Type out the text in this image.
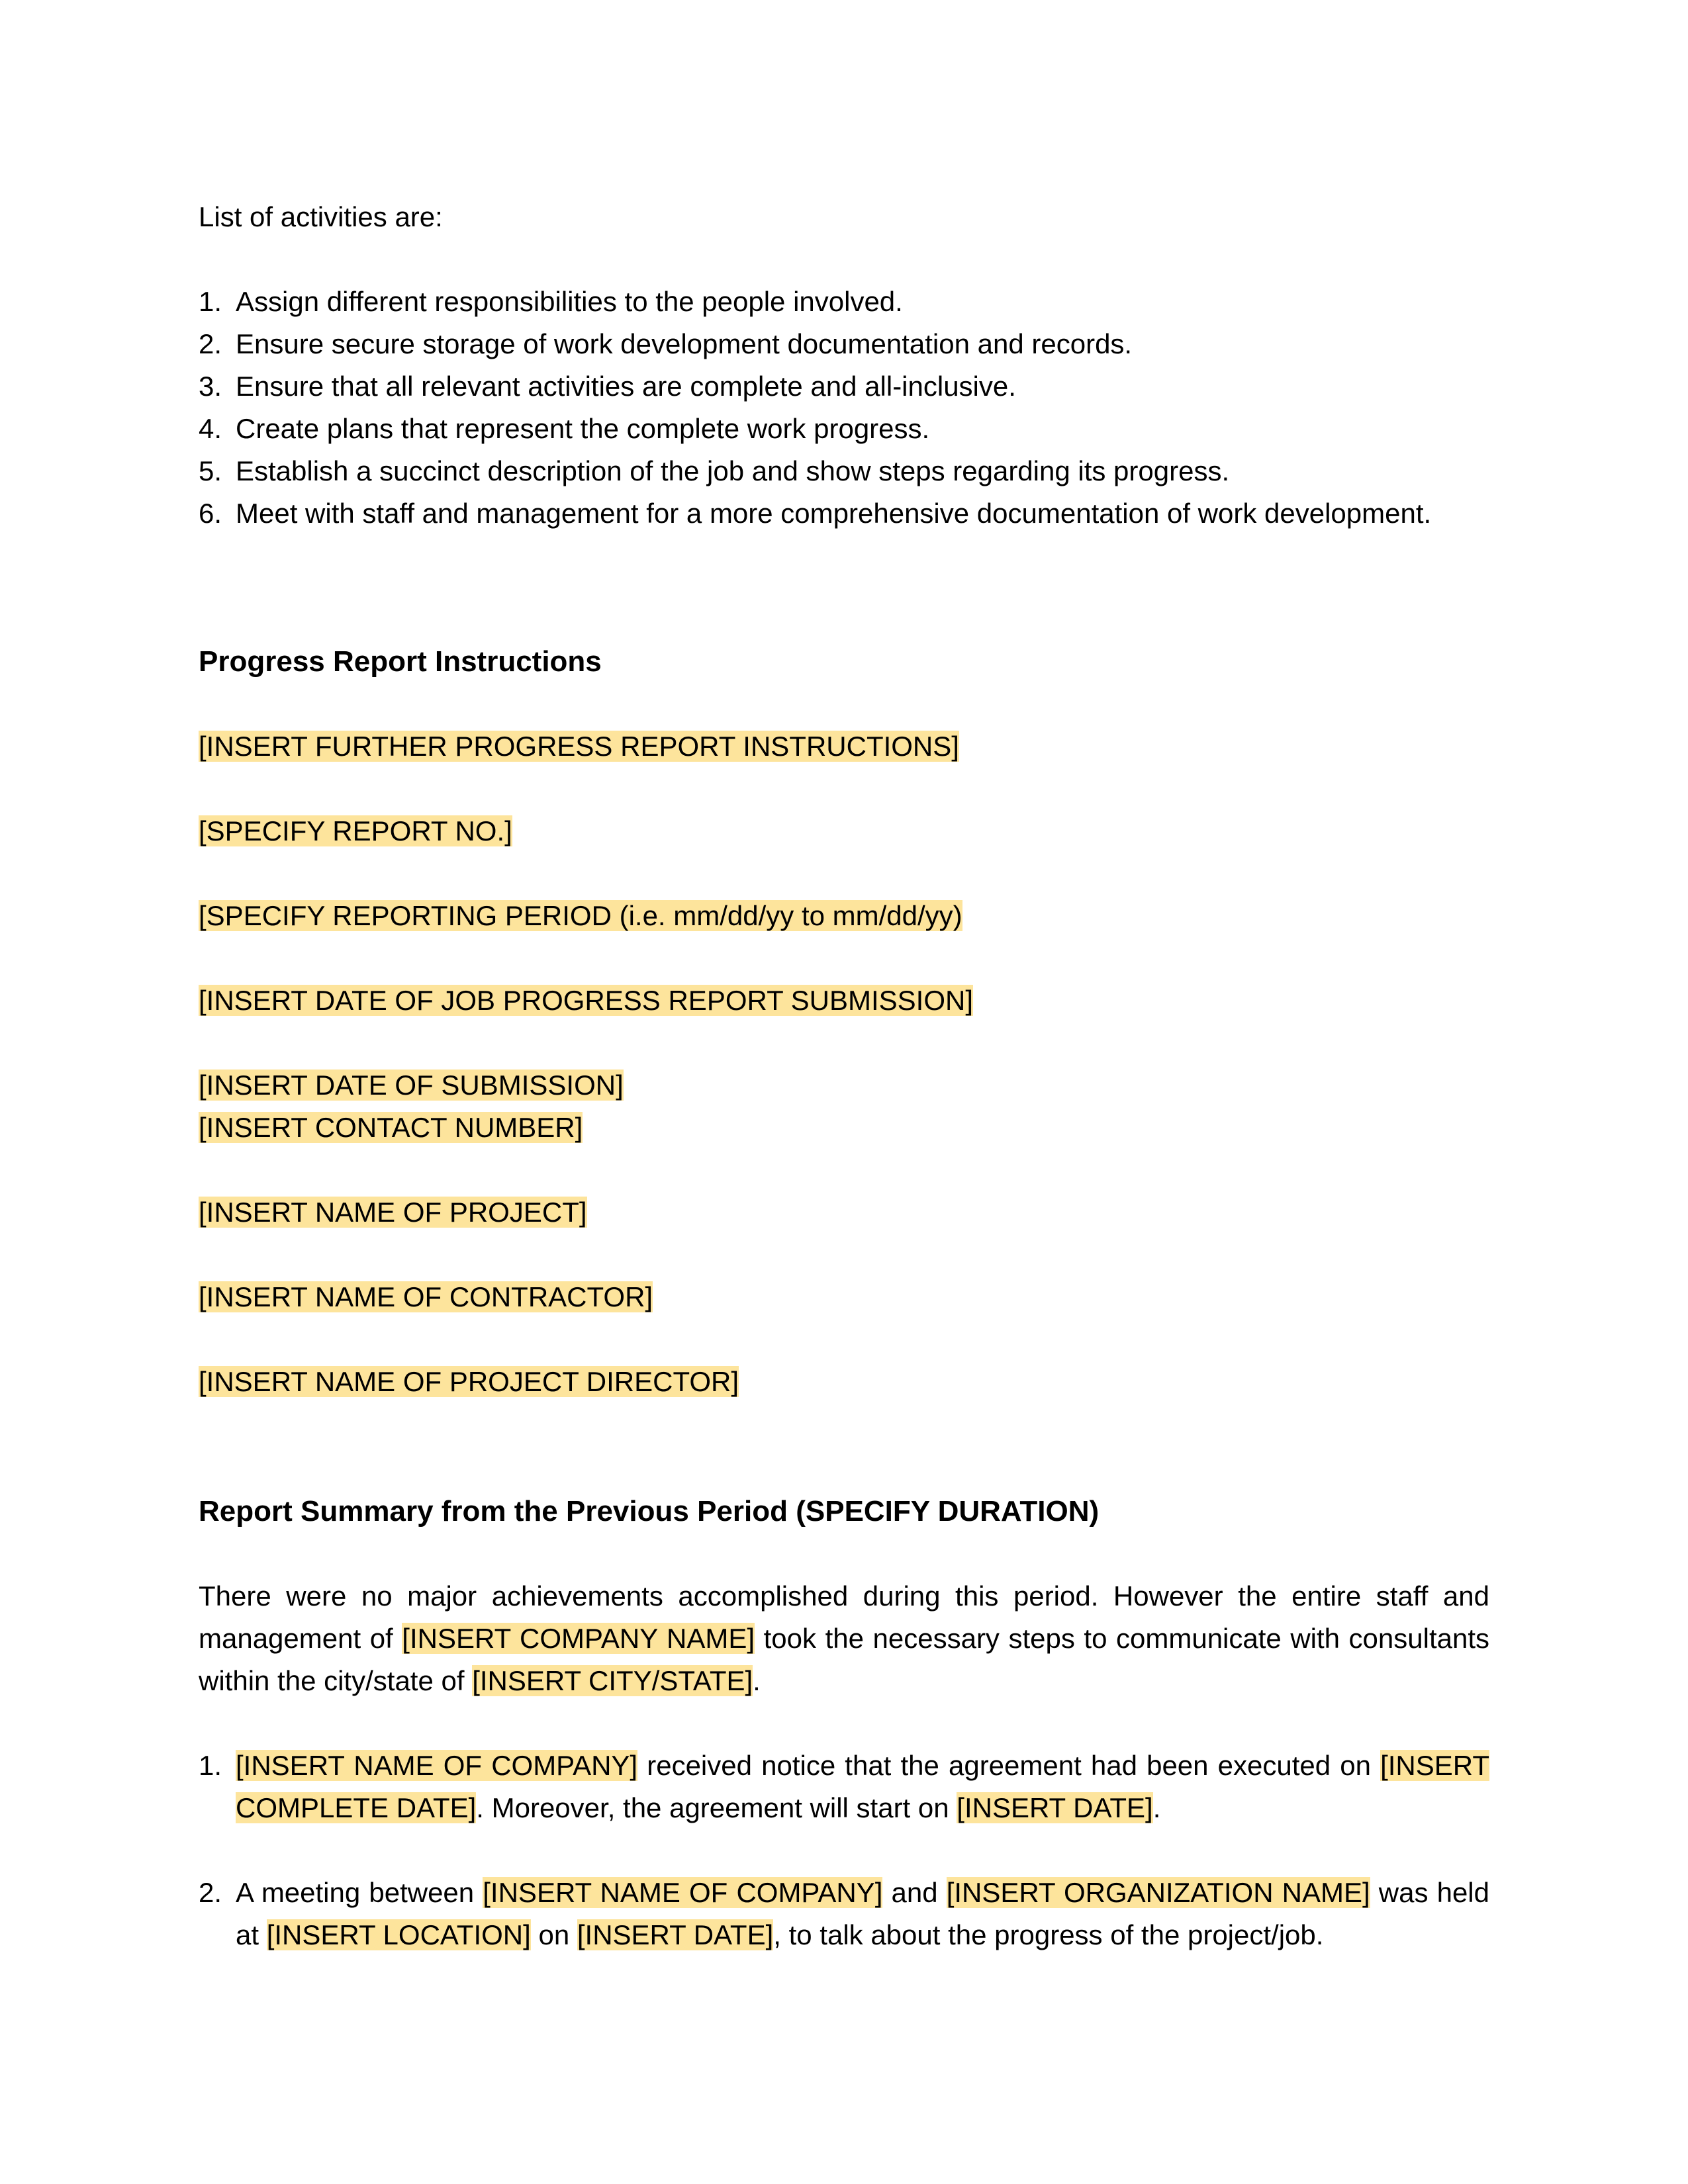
List of activities are:

1. Assign different responsibilities to the people involved.
2. Ensure secure storage of work development documentation and records.
3. Ensure that all relevant activities are complete and all-inclusive.
4. Create plans that represent the complete work progress.
5. Establish a succinct description of the job and show steps regarding its progress.
6. Meet with staff and management for a more comprehensive documentation of work development.
Progress Report Instructions

[INSERT FURTHER PROGRESS REPORT INSTRUCTIONS]

[SPECIFY REPORT NO.]

[SPECIFY REPORTING PERIOD (i.e. mm/dd/yy to mm/dd/yy)

[INSERT DATE OF JOB PROGRESS REPORT SUBMISSION]

[INSERT DATE OF SUBMISSION]

[INSERT CONTACT NUMBER]

[INSERT NAME OF PROJECT]

[INSERT NAME OF CONTRACTOR]

[INSERT NAME OF PROJECT DIRECTOR]

Report Summary from the Previous Period (SPECIFY DURATION)

There were no major achievements accomplished during this period. However the entire staff and management of [INSERT COMPANY NAME] took the necessary steps to communicate with consultants within the city/state of [INSERT CITY/STATE].

1. [INSERT NAME OF COMPANY] received notice that the agreement had been executed on [INSERT COMPLETE DATE]. Moreover, the agreement will start on [INSERT DATE].

2. A meeting between [INSERT NAME OF COMPANY] and [INSERT ORGANIZATION NAME] was held at [INSERT LOCATION] on [INSERT DATE], to talk about the progress of the project/job.
